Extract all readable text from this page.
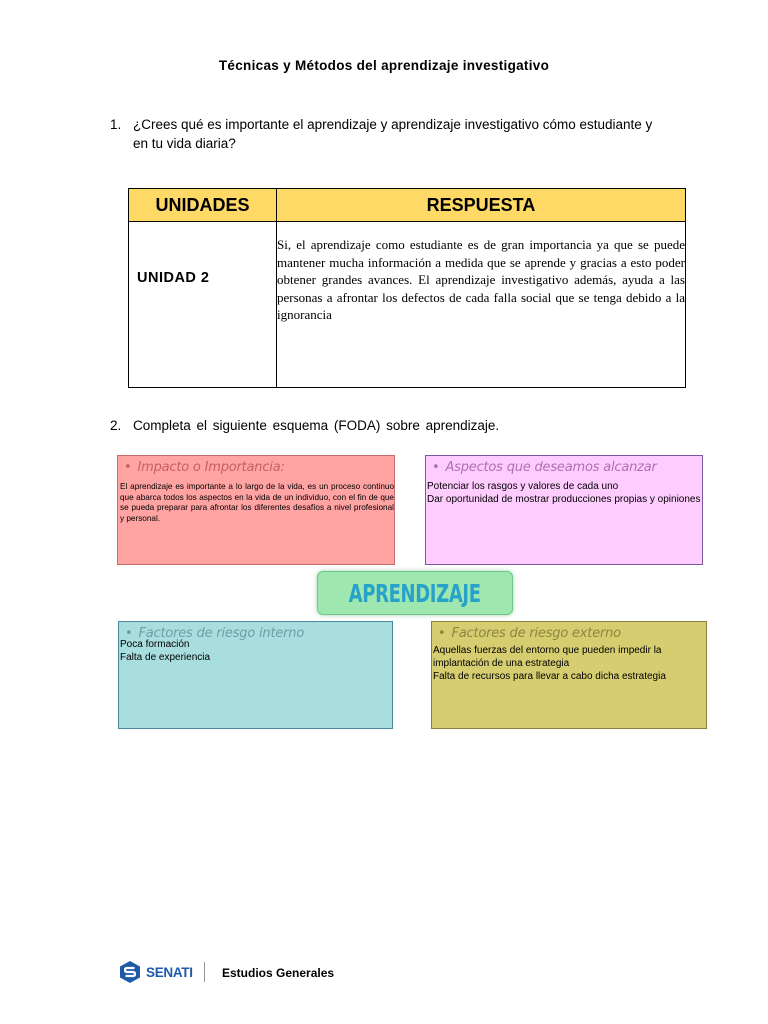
Técnicas y Métodos del aprendizaje investigativo
1. ¿Crees qué es importante el aprendizaje y aprendizaje investigativo cómo estudiante y en tu vida diaria?
UNIDADES	RESPUESTA
UNIDAD 2	Si, el aprendizaje como estudiante es de gran importancia ya que se puede mantener mucha información a medida que se aprende y gracias a esto poder obtener grandes avances. El aprendizaje investigativo además, ayuda a las personas a afrontar los defectos de cada falla social que se tenga debido a la ignorancia
2. Completa el siguiente esquema (FODA) sobre aprendizaje.
• Impacto o Importancia:

El aprendizaje es importante a lo largo de la vida, es un proceso continuo que abarca todos los aspectos en la vida de un individuo, con el fin de que se pueda preparar para afrontar los diferentes desafíos a nivel profesional y personal.

• Aspectos que deseamos alcanzar

Potenciar los rasgos y valores de cada uno

Dar oportunidad de mostrar producciones propias y opiniones

APRENDIZAJE
• Factores de riesgo interno

Poca formación

Falta de experiencia

• Factores de riesgo externo

Aquellas fuerzas del entorno que pueden impedir la implantación de una estrategia

Falta de recursos para llevar a cabo dicha estrategia

SENATI Estudios Generales
